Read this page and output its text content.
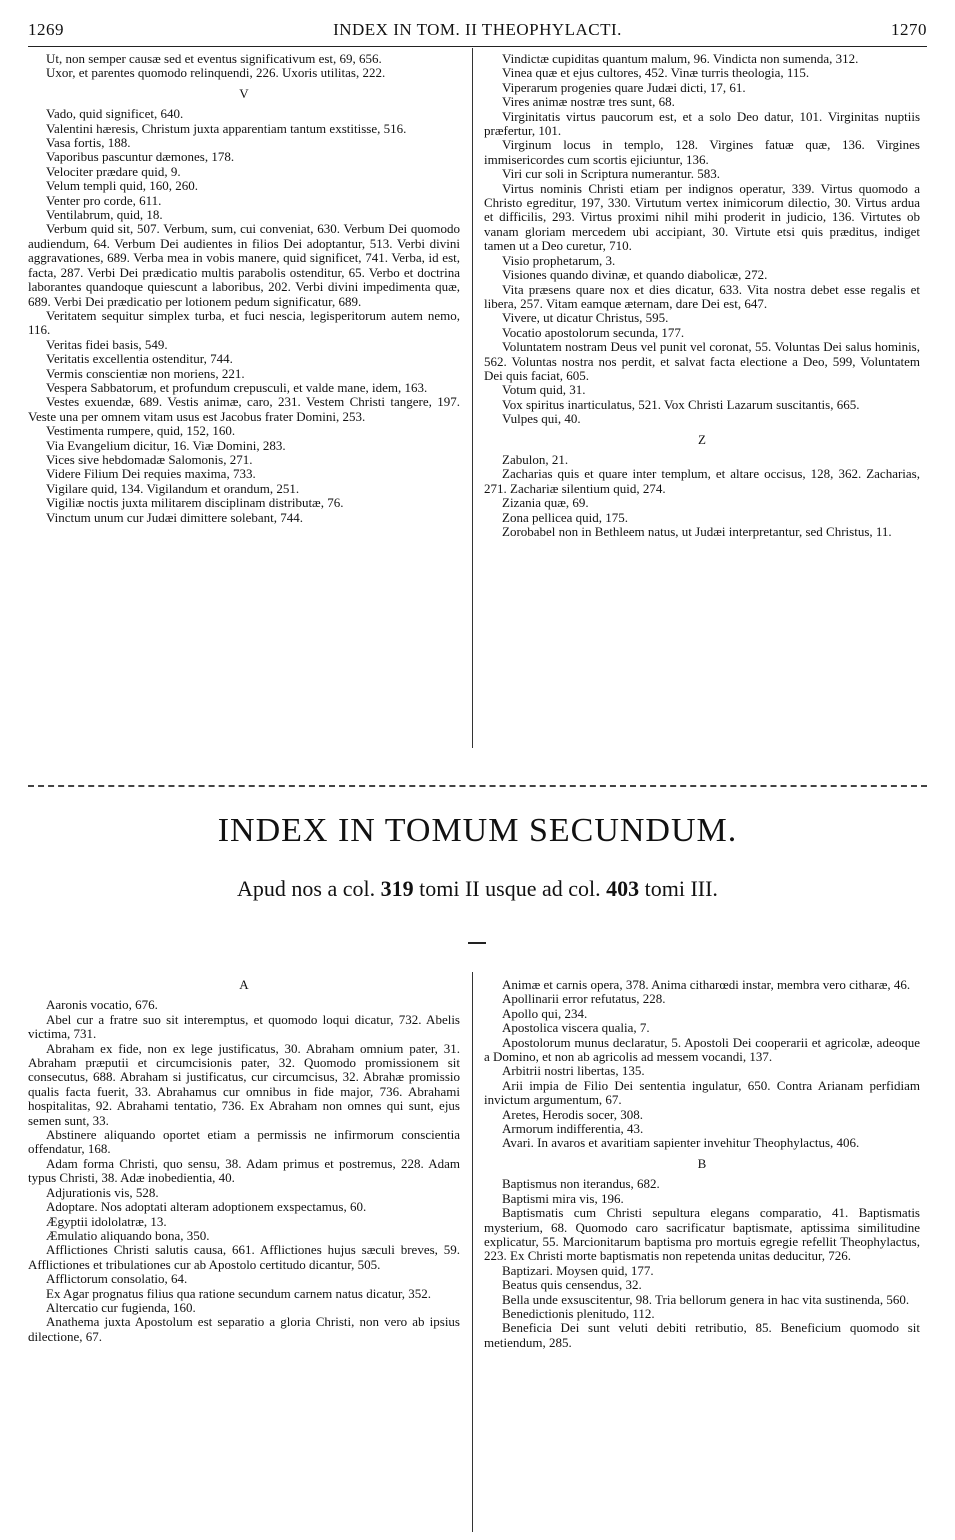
1269	INDEX IN TOM. II THEOPHYLACTI.	1270

Ut, non semper causæ sed et eventus significativum est, 69, 656.

Uxor, et parentes quomodo relinquendi, 226. Uxoris utilitas, 222.

V

Vado, quid significet, 640.

Valentini hæresis, Christum juxta apparentiam tantum exstitisse, 516.

Vasa fortis, 188.

Vaporibus pascuntur dæmones, 178.

Velociter prædare quid, 9.

Velum templi quid, 160, 260.

Venter pro corde, 611.

Ventilabrum, quid, 18.

Verbum quid sit, 507. Verbum, sum, cui conveniat, 630. Verbum Dei quomodo audiendum, 64. Verbum Dei audientes in filios Dei adoptantur, 513. Verbi divini aggravationes, 689. Verba mea in vobis manere, quid significet, 741. Verba, id est, facta, 287. Verbi Dei prædicatio multis parabolis ostenditur, 65. Verbo et doctrina laborantes quandoque quiescunt a laboribus, 202. Verbi divini impedimenta quæ, 689. Verbi Dei prædicatio per lotionem pedum significatur, 689.

Veritatem sequitur simplex turba, et fuci nescia, legisperitorum autem nemo, 116.

Veritas fidei basis, 549.

Veritatis excellentia ostenditur, 744.

Vermis conscientiæ non moriens, 221.

Vespera Sabbatorum, et profundum crepusculi, et valde mane, idem, 163.

Vestes exuendæ, 689. Vestis animæ, caro, 231. Vestem Christi tangere, 197. Veste una per omnem vitam usus est Jacobus frater Domini, 253.

Vestimenta rumpere, quid, 152, 160.

Via Evangelium dicitur, 16. Viæ Domini, 283.

Vices sive hebdomadæ Salomonis, 271.

Videre Filium Dei requies maxima, 733.

Vigilare quid, 134. Vigilandum et orandum, 251.

Vigiliæ noctis juxta militarem disciplinam distributæ, 76.

Vinctum unum cur Judæi dimittere solebant, 744.

Vindictæ cupiditas quantum malum, 96. Vindicta non sumenda, 312.

Vinea quæ et ejus cultores, 452. Vinæ turris theologia, 115.

Viperarum progenies quare Judæi dicti, 17, 61.

Vires animæ nostræ tres sunt, 68.

Virginitatis virtus paucorum est, et a solo Deo datur, 101. Virginitas nuptiis præfertur, 101.

Virginum locus in templo, 128. Virgines fatuæ quæ, 136. Virgines immisericordes cum scortis ejiciuntur, 136.

Viri cur soli in Scriptura numerantur. 583.

Virtus nominis Christi etiam per indignos operatur, 339. Virtus quomodo a Christo egreditur, 197, 330. Virtutum vertex inimicorum dilectio, 30. Virtus ardua et difficilis, 293. Virtus proximi nihil mihi proderit in judicio, 136. Virtutes ob vanam gloriam mercedem ubi accipiant, 30. Virtute etsi quis præditus, indiget tamen ut a Deo curetur, 710.

Visio prophetarum, 3.

Visiones quando divinæ, et quando diabolicæ, 272.

Vita præsens quare nox et dies dicatur, 633. Vita nostra debet esse regalis et libera, 257. Vitam eamque æternam, dare Dei est, 647.

Vivere, ut dicatur Christus, 595.

Vocatio apostolorum secunda, 177.

Voluntatem nostram Deus vel punit vel coronat, 55. Voluntas Dei salus hominis, 562. Voluntas nostra nos perdit, et salvat facta electione a Deo, 599, Voluntatem Dei quis faciat, 605.

Votum quid, 31.

Vox spiritus inarticulatus, 521. Vox Christi Lazarum suscitantis, 665.

Vulpes qui, 40.

Z

Zabulon, 21.

Zacharias quis et quare inter templum, et altare occisus, 128, 362. Zacharias, 271. Zachariæ silentium quid, 274.

Zizania quæ, 69.

Zona pellicea quid, 175.

Zorobabel non in Bethleem natus, ut Judæi interpretantur, sed Christus, 11.

INDEX IN TOMUM SECUNDUM.
Apud nos a col. 319 tomi II usque ad col. 403 tomi III.

A

Aaronis vocatio, 676.

Abel cur a fratre suo sit interemptus, et quomodo loqui dicatur, 732. Abelis victima, 731.

Abraham ex fide, non ex lege justificatus, 30. Abraham omnium pater, 31. Abraham præputii et circumcisionis pater, 32. Quomodo promissionem sit consecutus, 688. Abraham si justificatus, cur circumcisus, 32. Abrahæ promissio qualis facta fuerit, 33. Abrahamus cur omnibus in fide major, 736. Abrahami hospitalitas, 92. Abrahami tentatio, 736. Ex Abraham non omnes qui sunt, ejus semen sunt, 33.

Abstinere aliquando oportet etiam a permissis ne infirmorum conscientia offendatur, 168.

Adam forma Christi, quo sensu, 38. Adam primus et postremus, 228. Adam typus Christi, 38. Adæ inobedientia, 40.

Adjurationis vis, 528.

Adoptare. Nos adoptati alteram adoptionem exspectamus, 60.

Ægyptii idololatræ, 13.

Æmulatio aliquando bona, 350.

Afflictiones Christi salutis causa, 661. Afflictiones hujus sæculi breves, 59. Afflictiones et tribulationes cur ab Apostolo certitudo dicantur, 505.

Afflictorum consolatio, 64.

Ex Agar prognatus filius qua ratione secundum carnem natus dicatur, 352.

Altercatio cur fugienda, 160.

Anathema juxta Apostolum est separatio a gloria Christi, non vero ab ipsius dilectione, 67.

Animæ et carnis opera, 378. Anima citharœdi instar, membra vero citharæ, 46.

Apollinarii error refutatus, 228.

Apollo qui, 234.

Apostolica viscera qualia, 7.

Apostolorum munus declaratur, 5. Apostoli Dei cooperarii et agricolæ, adeoque a Domino, et non ab agricolis ad messem vocandi, 137.

Arbitrii nostri libertas, 135.

Arii impia de Filio Dei sententia ingulatur, 650. Contra Arianam perfidiam invictum argumentum, 67.

Aretes, Herodis socer, 308.

Armorum indifferentia, 43.

Avari. In avaros et avaritiam sapienter invehitur Theophylactus, 406.

B

Baptismus non iterandus, 682.

Baptismi mira vis, 196.

Baptismatis cum Christi sepultura elegans comparatio, 41. Baptismatis mysterium, 68. Quomodo caro sacrificatur baptismate, aptissima similitudine explicatur, 55. Marcionitarum baptisma pro mortuis egregie refellit Theophylactus, 223. Ex Christi morte baptismatis non repetenda unitas deducitur, 726.

Baptizari. Moysen quid, 177.

Beatus quis censendus, 32.

Bella unde exsuscitentur, 98. Tria bellorum genera in hac vita sustinenda, 560.

Benedictionis plenitudo, 112.

Beneficia Dei sunt veluti debiti retributio, 85. Beneficium quomodo sit metiendum, 285.
